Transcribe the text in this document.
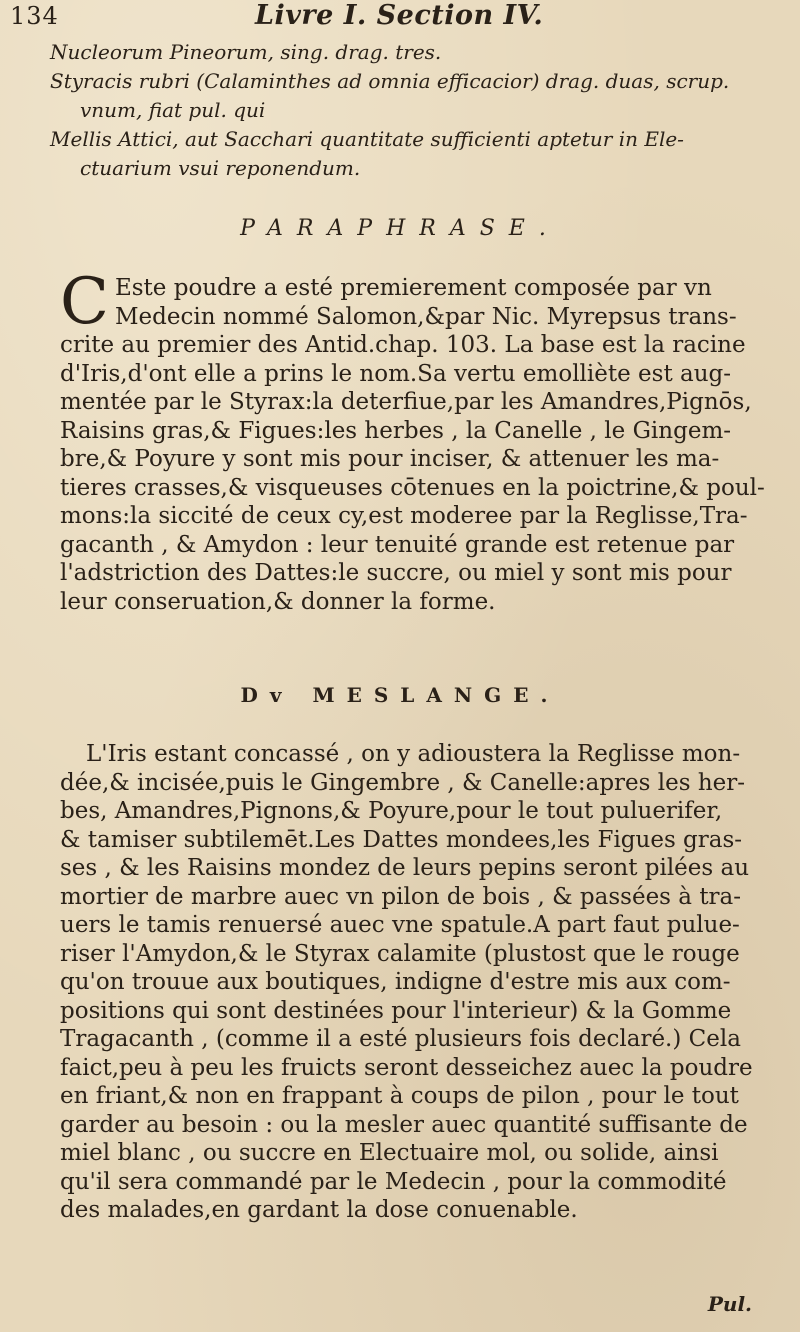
134	Livre I. Section IV.
Nucleorum Pineorum, sing. drag. tres.
Styracis rubri (Calaminthes ad omnia efficacior) drag. duas, scrup.
vnum, fiat pul. qui
Mellis Attici, aut Sacchari quantitate sufficienti aptetur in Ele-
ctuarium vsui reponendum.
PARAPHRASE.
C Este poudre a esté premierement composée par vn
Medecin nommé Salomon,&par Nic. Myrepsus trans-
crite au premier des Antid.chap. 103. La base est la racine
d'Iris,d'ont elle a prins le nom.Sa vertu emolliète est aug-
mentée par le Styrax:la deterfiue,par les Amandres,Pignōs,
Raisins gras,& Figues:les herbes , la Canelle , le Gingem-
bre,& Poyure y sont mis pour inciser, & attenuer les ma-
tieres crasses,& visqueuses cōtenues en la poictrine,& poul-
mons:la siccité de ceux cy,est moderee par la Reglisse,Tra-
gacanth , & Amydon : leur tenuité grande est retenue par
l'adstriction des Dattes:le succre, ou miel y sont mis pour
leur conseruation,& donner la forme.
Dv MESLANGE.
L'Iris estant concassé , on y adioustera la Reglisse mon-
dée,& incisée,puis le Gingembre , & Canelle:apres les her-
bes, Amandres,Pignons,& Poyure,pour le tout puluerifer,
& tamiser subtilemēt.Les Dattes mondees,les Figues gras-
ses , & les Raisins mondez de leurs pepins seront pilées au
mortier de marbre auec vn pilon de bois , & passées à tra-
uers le tamis renuersé auec vne spatule.A part faut pulue-
riser l'Amydon,& le Styrax calamite (plustost que le rouge
qu'on trouue aux boutiques, indigne d'estre mis aux com-
positions qui sont destinées pour l'interieur) & la Gomme
Tragacanth , (comme il a esté plusieurs fois declaré.) Cela
faict,peu à peu les fruicts seront desseichez auec la poudre
en friant,& non en frappant à coups de pilon , pour le tout
garder au besoin : ou la mesler auec quantité suffisante de
miel blanc , ou succre en Electuaire mol, ou solide, ainsi
qu'il sera commandé par le Medecin , pour la commodité
des malades,en gardant la dose conuenable.
Pul.
